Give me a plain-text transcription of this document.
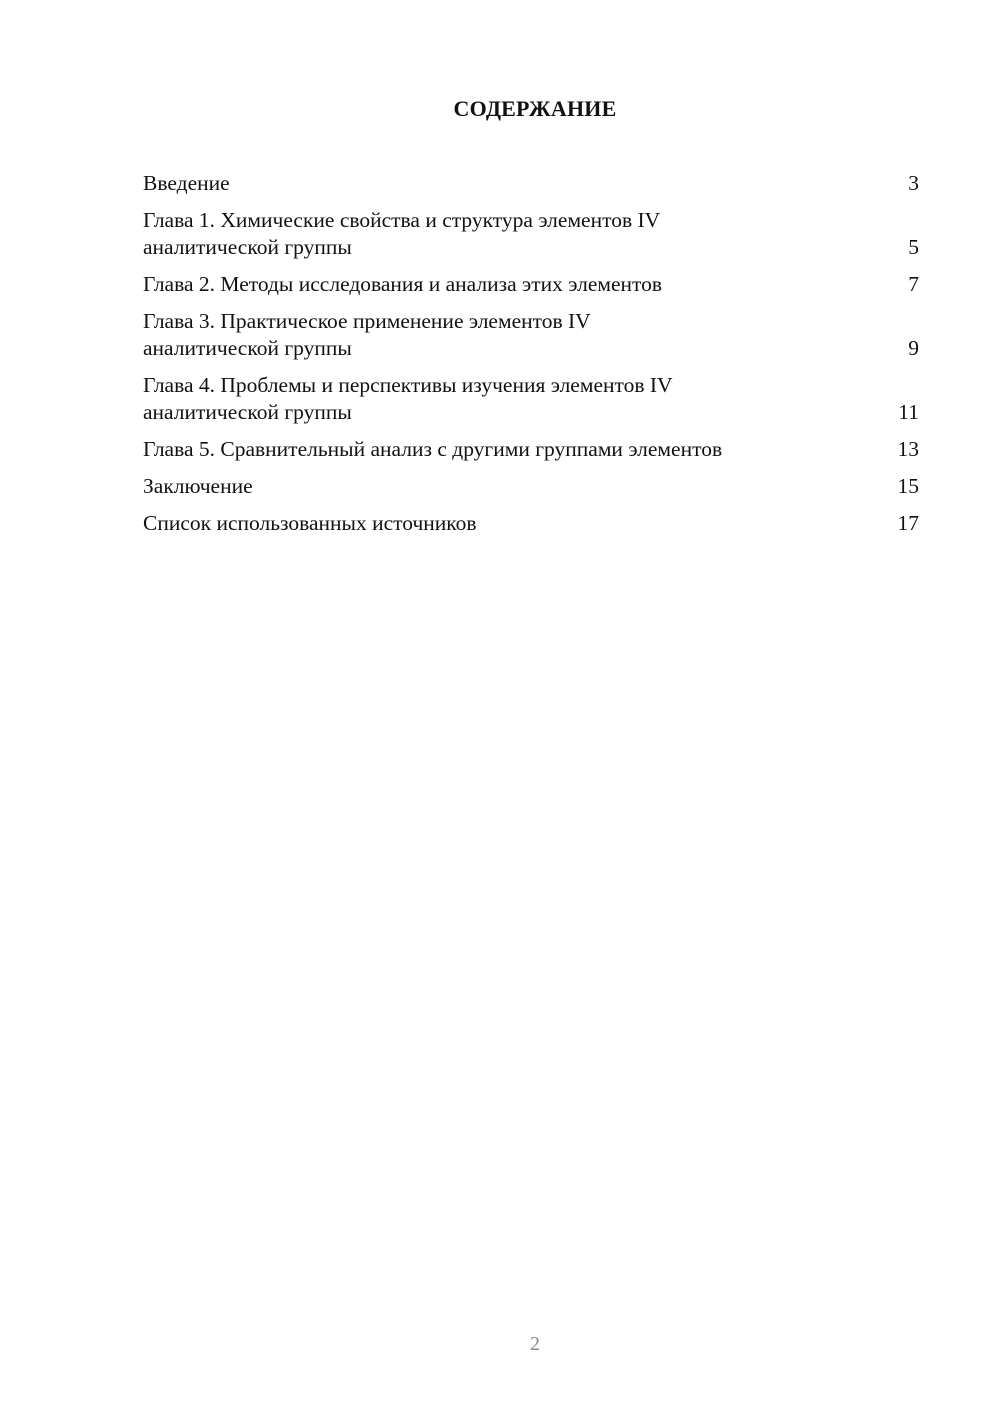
СОДЕРЖАНИЕ
Введение	3
Глава 1. Химические свойства и структура элементов IV
аналитической группы	5
Глава 2. Методы исследования и анализа этих элементов	7
Глава 3. Практическое применение элементов IV
аналитической группы	9
Глава 4. Проблемы и перспективы изучения элементов IV
аналитической группы	11
Глава 5. Сравнительный анализ с другими группами элементов	13
Заключение	15
Список использованных источников	17
2
